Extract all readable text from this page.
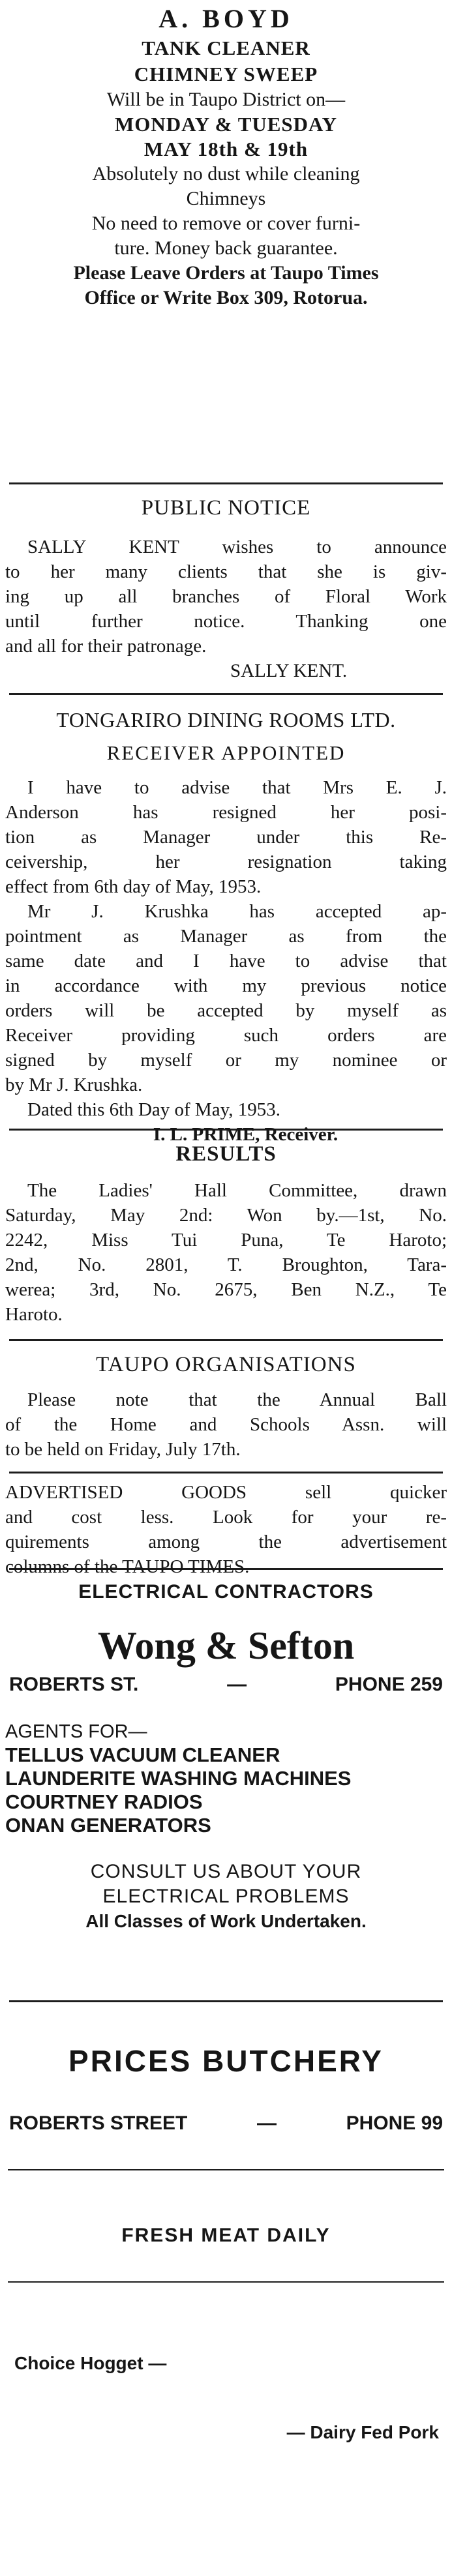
A. BOYD
TANK CLEANER
CHIMNEY SWEEP
Will be in Taupo District on—
MONDAY & TUESDAY
MAY 18th & 19th
Absolutely no dust while cleaning
Chimneys
No need to remove or cover furni-
ture. Money back guarantee.
Please Leave Orders at Taupo Times
Office or Write Box 309, Rotorua.
PUBLIC NOTICE
SALLY KENT wishes to announce
to her many clients that she is giv-
ing up all branches of Floral Work
until further notice. Thanking one
and all for their patronage.
SALLY KENT.
TONGARIRO DINING ROOMS LTD.
RECEIVER APPOINTED
I have to advise that Mrs E. J.
Anderson has resigned her posi-
tion as Manager under this Re-
ceivership, her resignation taking
effect from 6th day of May, 1953.
Mr J. Krushka has accepted ap-
pointment as Manager as from the
same date and I have to advise that
in accordance with my previous notice
orders will be accepted by myself as
Receiver providing such orders are
signed by myself or my nominee or
by Mr J. Krushka.
Dated this 6th Day of May, 1953.
I. L. PRIME, Receiver.
RESULTS
The Ladies' Hall Committee, drawn
Saturday, May 2nd: Won by.—1st, No.
2242, Miss Tui Puna, Te Haroto;
2nd, No. 2801, T. Broughton, Tara-
werea; 3rd, No. 2675, Ben N.Z., Te
Haroto.
TAUPO ORGANISATIONS
Please note that the Annual Ball
of the Home and Schools Assn. will
to be held on Friday, July 17th.
ADVERTISED GOODS sell quicker
and cost less. Look for your re-
quirements among the advertisement
columns of the TAUPO TIMES.
ELECTRICAL CONTRACTORS
Wong & Sefton
ROBERTS ST.	—	PHONE 259
AGENTS FOR—
TELLUS VACUUM CLEANER
LAUNDERITE WASHING MACHINES
COURTNEY RADIOS
ONAN GENERATORS
CONSULT US ABOUT YOUR
ELECTRICAL PROBLEMS
All Classes of Work Undertaken.
PRICES BUTCHERY
ROBERTS STREET	—	PHONE 99
FRESH MEAT DAILY
Choice Hogget —
— Dairy Fed Pork
